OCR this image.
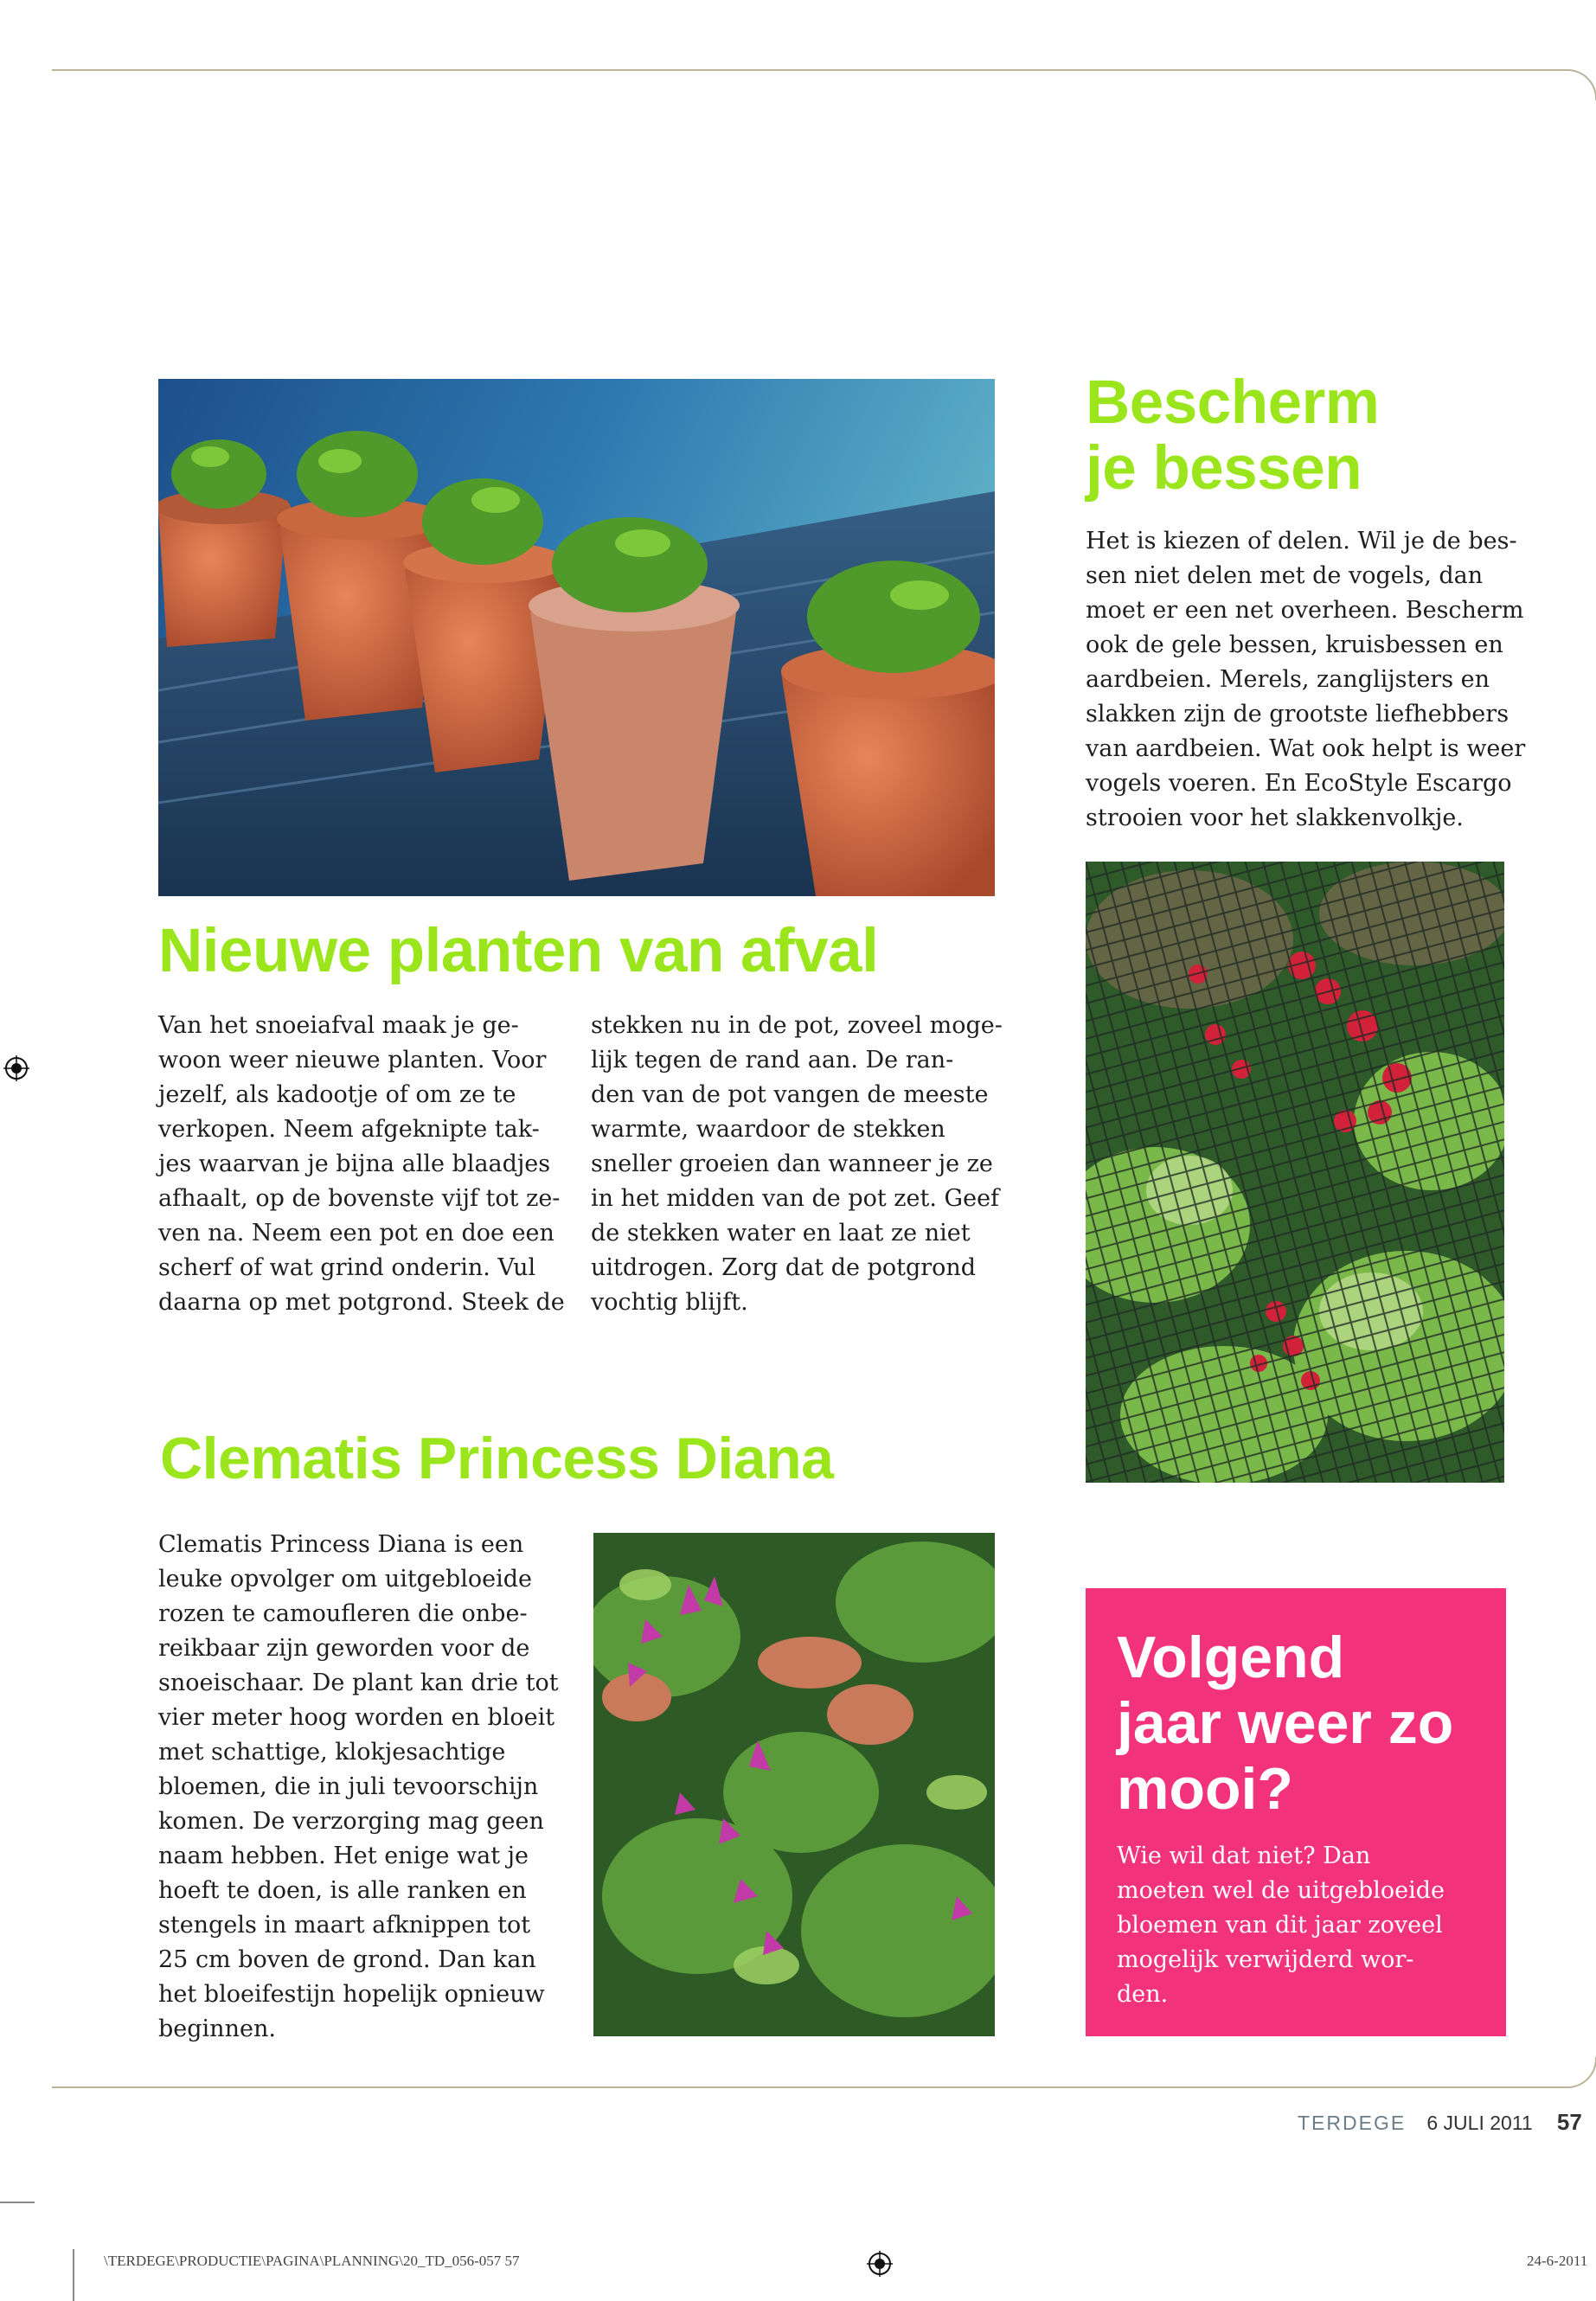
Bescherm
je bessen

Het is kiezen of delen. Wil je de bes-
sen niet delen met de vogels, dan
moet er een net overheen. Bescherm
ook de gele bessen, kruisbessen en
aardbeien. Merels, zanglijsters en
slakken zijn de grootste liefhebbers
van aardbeien. Wat ook helpt is weer
vogels voeren. En EcoStyle Escargo
strooien voor het slakkenvolkje.

Nieuwe planten van afval

Van het snoeiafval maak je ge-
woon weer nieuwe planten. Voor
jezelf, als kadootje of om ze te
verkopen. Neem afgeknipte tak-
jes waarvan je bijna alle blaadjes
afhaalt, op de bovenste vijf tot ze-
ven na. Neem een pot en doe een
scherf of wat grind onderin. Vul
daarna op met potgrond. Steek de

stekken nu in de pot, zoveel moge-
lijk tegen de rand aan. De ran-
den van de pot vangen de meeste
warmte, waardoor de stekken
sneller groeien dan wanneer je ze
in het midden van de pot zet. Geef
de stekken water en laat ze niet
uitdrogen. Zorg dat de potgrond
vochtig blijft.

Clematis Princess Diana

Clematis Princess Diana is een
leuke opvolger om uitgebloeide
rozen te camoufleren die onbe-
reikbaar zijn geworden voor de
snoeischaar. De plant kan drie tot
vier meter hoog worden en bloeit
met schattige, klokjesachtige
bloemen, die in juli tevoorschijn
komen. De verzorging mag geen
naam hebben. Het enige wat je
hoeft te doen, is alle ranken en
stengels in maart afknippen tot
25 cm boven de grond. Dan kan
het bloeifestijn hopelijk opnieuw
beginnen.

Volgend
jaar weer zo
mooi?

Wie wil dat niet? Dan
moeten wel de uitgebloeide
bloemen van dit jaar zoveel
mogelijk verwijderd wor-
den.

TERDEGE 6 JULI 2011 57
\TERDEGE\PRODUCTIE\PAGINA\PLANNING\20_TD_056-057 57	24-6-2011
